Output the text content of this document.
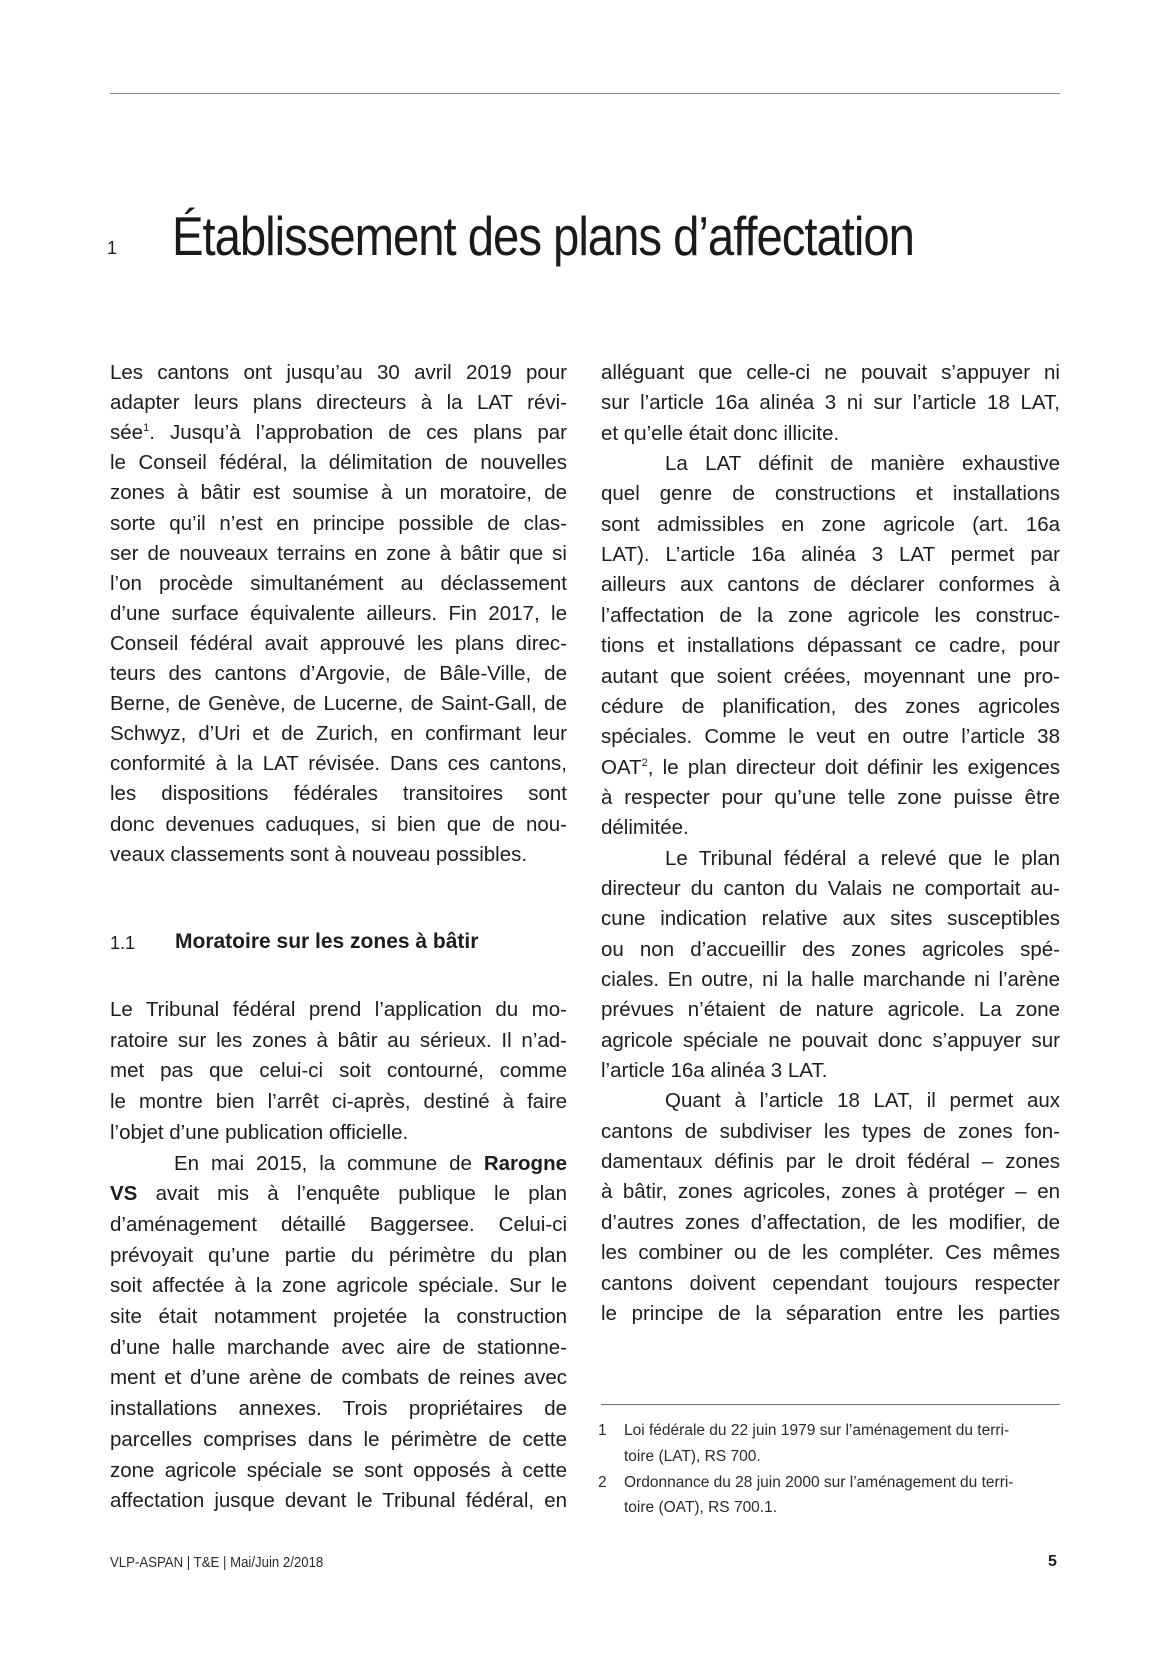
1 Établissement des plans d’affectation
Les cantons ont jusqu’au 30 avril 2019 pour
adapter leurs plans directeurs à la LAT révi-
sée$^1$. Jusqu’à l’approbation de ces plans par
le Conseil fédéral, la délimitation de nouvelles
zones à bâtir est soumise à un moratoire, de
sorte qu’il n’est en principe possible de clas-
ser de nouveaux terrains en zone à bâtir que si
l’on procède simultanément au déclassement
d’une surface équivalente ailleurs. Fin 2017, le
Conseil fédéral avait approuvé les plans direc-
teurs des cantons d’Argovie, de Bâle-Ville, de
Berne, de Genève, de Lucerne, de Saint-Gall, de
Schwyz, d’Uri et de Zurich, en confirmant leur
conformité à la LAT révisée. Dans ces cantons,
les dispositions fédérales transitoires sont
donc devenues caduques, si bien que de nou-
veaux classements sont à nouveau possibles.
1.1 Moratoire sur les zones à bâtir
Le Tribunal fédéral prend l’application du mo-
ratoire sur les zones à bâtir au sérieux. Il n’ad-
met pas que celui-ci soit contourné, comme
le montre bien l’arrêt ci-après, destiné à faire
l’objet d’une publication officielle.
En mai 2015, la commune de Rarogne
VS avait mis à l’enquête publique le plan
d’aménagement détaillé Baggersee. Celui-ci
prévoyait qu’une partie du périmètre du plan
soit affectée à la zone agricole spéciale. Sur le
site était notamment projetée la construction
d’une halle marchande avec aire de stationne-
ment et d’une arène de combats de reines avec
installations annexes. Trois propriétaires de
parcelles comprises dans le périmètre de cette
zone agricole spéciale se sont opposés à cette
affectation jusque devant le Tribunal fédéral, en
alléguant que celle-ci ne pouvait s’appuyer ni
sur l’article 16a alinéa 3 ni sur l’article 18 LAT,
et qu’elle était donc illicite.
La LAT définit de manière exhaustive
quel genre de constructions et installations
sont admissibles en zone agricole (art. 16a
LAT). L’article 16a alinéa 3 LAT permet par
ailleurs aux cantons de déclarer conformes à
l’affectation de la zone agricole les construc-
tions et installations dépassant ce cadre, pour
autant que soient créées, moyennant une pro-
cédure de planification, des zones agricoles
spéciales. Comme le veut en outre l’article 38
OAT$^2$, le plan directeur doit définir les exigences
à respecter pour qu’une telle zone puisse être
délimitée.
Le Tribunal fédéral a relevé que le plan
directeur du canton du Valais ne comportait au-
cune indication relative aux sites susceptibles
ou non d’accueillir des zones agricoles spé-
ciales. En outre, ni la halle marchande ni l’arène
prévues n’étaient de nature agricole. La zone
agricole spéciale ne pouvait donc s’appuyer sur
l’article 16a alinéa 3 LAT.
Quant à l’article 18 LAT, il permet aux
cantons de subdiviser les types de zones fon-
damentaux définis par le droit fédéral – zones
à bâtir, zones agricoles, zones à protéger – en
d’autres zones d’affectation, de les modifier, de
les combiner ou de les compléter. Ces mêmes
cantons doivent cependant toujours respecter
le principe de la séparation entre les parties
1 Loi fédérale du 22 juin 1979 sur l’aménagement du terri-
toire (LAT), RS 700.
2 Ordonnance du 28 juin 2000 sur l’aménagement du terri-
toire (OAT), RS 700.1.
VLP-ASPAN | T&E | Mai/Juin 2/2018	5
